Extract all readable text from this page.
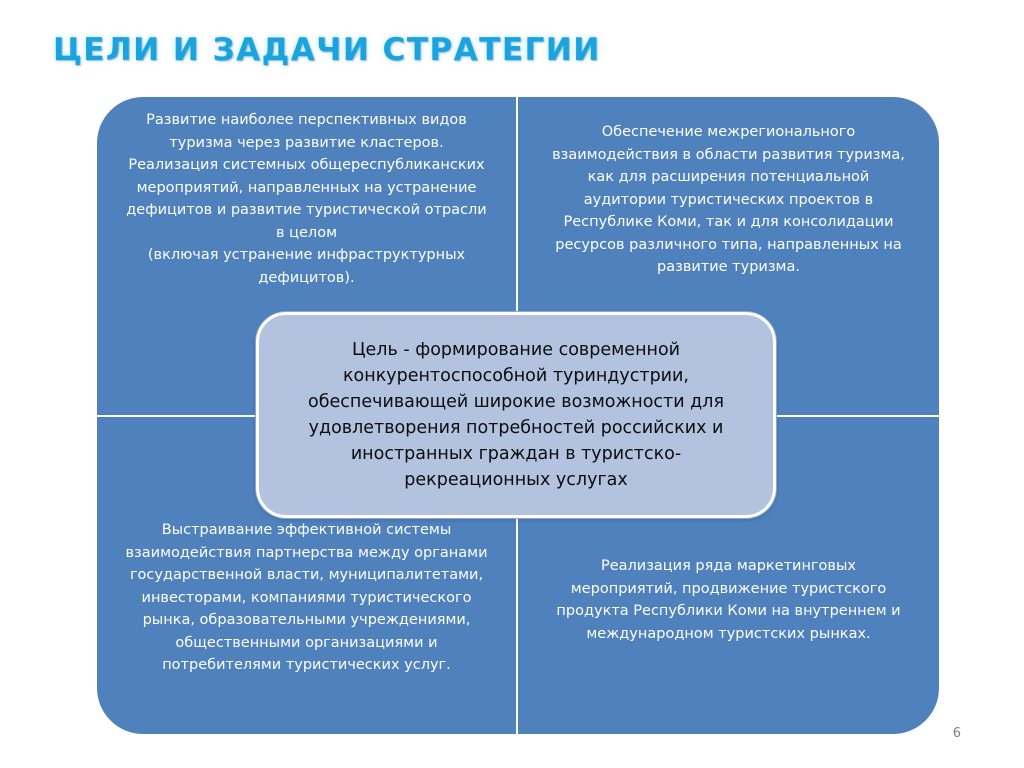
ЦЕЛИ И ЗАДАЧИ СТРАТЕГИИ
Развитие наиболее перспективных видов
туризма через развитие кластеров.
Реализация системных общереспубликанских
мероприятий, направленных на устранение
дефицитов и развитие туристической отрасли
в целом
(включая устранение инфраструктурных
дефицитов).
Обеспечение межрегионального
взаимодействия в области развития туризма,
как для расширения потенциальной
аудитории туристических проектов в
Республике Коми, так и для консолидации
ресурсов различного типа, направленных на
развитие туризма.
Выстраивание эффективной системы
взаимодействия партнерства между органами
государственной власти, муниципалитетами,
инвесторами, компаниями туристического
рынка, образовательными учреждениями,
общественными организациями и
потребителями туристических услуг.
Реализация ряда маркетинговых
мероприятий, продвижение туристского
продукта Республики Коми на внутреннем и
международном туристских рынках.

Цель - формирование современной
конкурентоспособной туриндустрии,
обеспечивающей широкие возможности для
удовлетворения потребностей российских и
иностранных граждан в туристско-
рекреационных услугах

6
